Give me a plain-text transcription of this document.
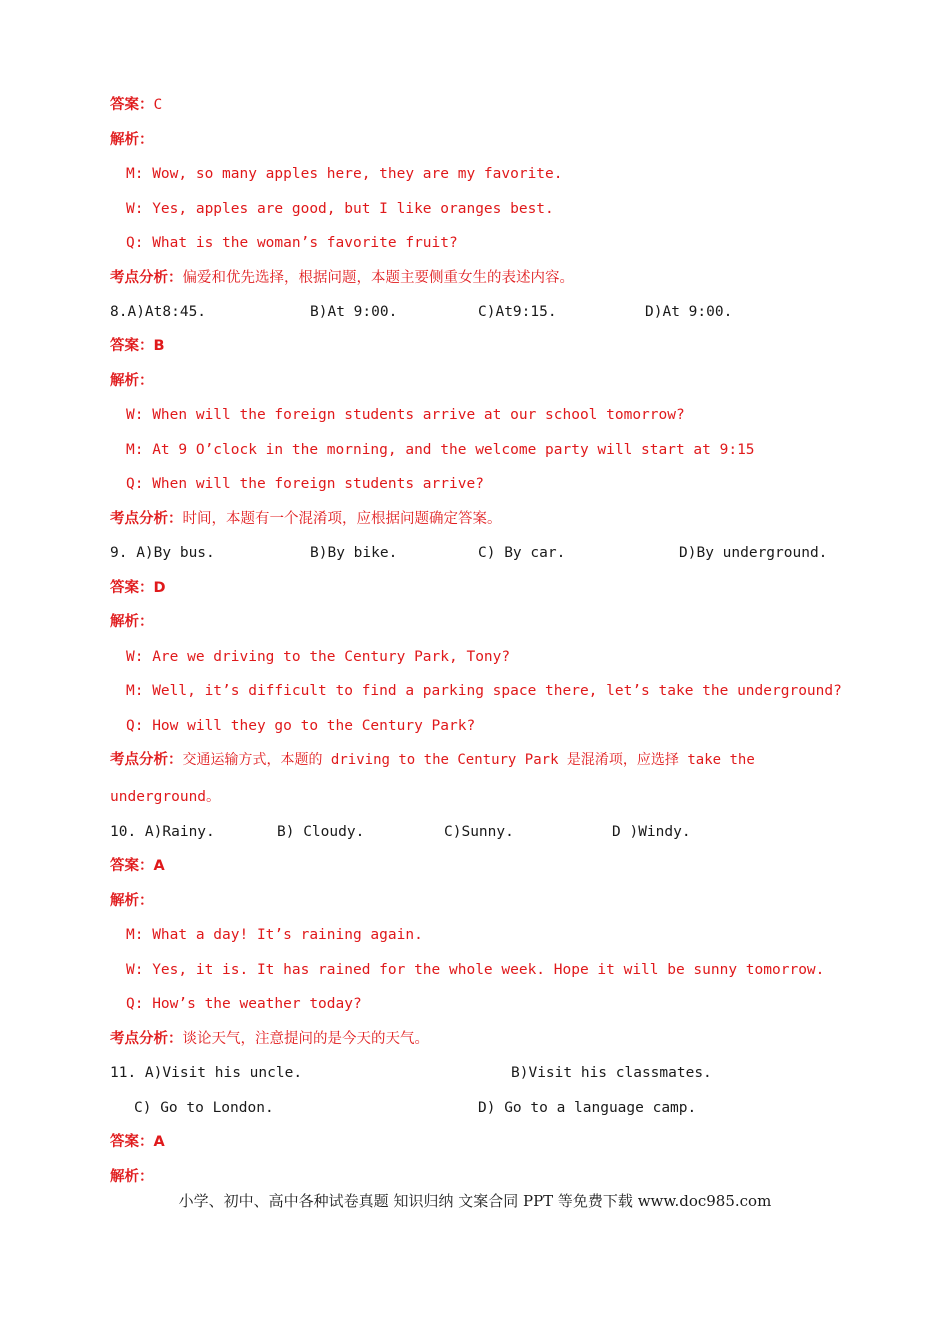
答案：C
解析：
M: Wow, so many apples here, they are my favorite.
W: Yes, apples are good, but I like oranges best.
Q: What is the woman’s favorite fruit?
考点分析：偏爱和优先选择，根据问题，本题主要侧重女生的表述内容。
8.A)At8:45.	B)At 9:00.	C)At9:15.	D)At 9:00.
答案：B
解析：
W: When will the foreign students arrive at our school tomorrow?
M: At 9 O’clock in the morning, and the welcome party will start at 9:15
Q: When will the foreign students arrive?
考点分析：时间，本题有一个混淆项，应根据问题确定答案。
9. A)By bus.	B)By bike.	C) By car.	D)By underground.
答案：D
解析：
W: Are we driving to the Century Park, Tony?
M: Well, it’s difficult to find a parking space there, let’s take the underground?
Q: How will they go to the Century Park?
考点分析：交通运输方式，本题的 driving to the Century Park 是混淆项，应选择 take the
underground。
10. A)Rainy.	B) Cloudy.	C)Sunny.	D )Windy.
答案：A
解析：
M: What a day! It’s raining again.
W: Yes, it is. It has rained for the whole week. Hope it will be sunny tomorrow.
Q: How’s the weather today?
考点分析：谈论天气，注意提问的是今天的天气。
11. A)Visit his uncle.	B)Visit his classmates.
C) Go to London.	D) Go to a language camp.
答案：A
解析：
小学、初中、高中各种试卷真题 知识归纳 文案合同 PPT 等免费下载 www.doc985.com
